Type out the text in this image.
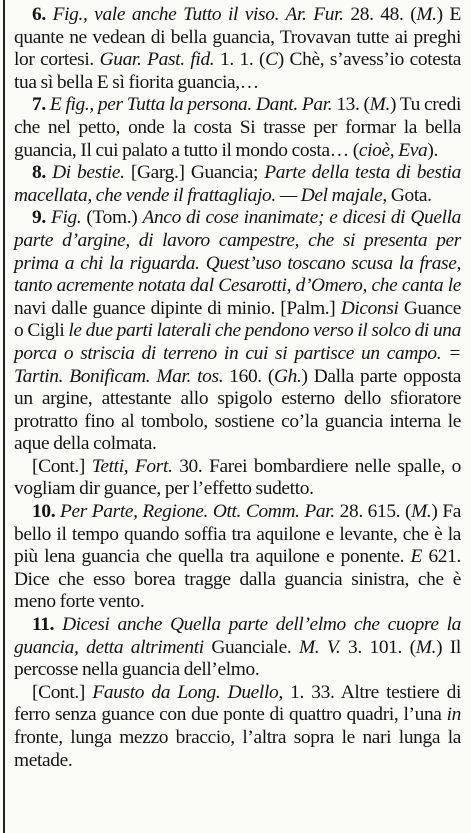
6. Fig., vale anche Tutto il viso. Ar. Fur. 28. 48. (M.) E quante ne vedean di bella guancia, Trovavan tutte ai preghi lor cortesi. Guar. Past. fid. 1. 1. (C) Chè, s’avess’io cotesta tua sì bella E sì fiorita guancia,…

7. E fig., per Tutta la persona. Dant. Par. 13. (M.) Tu credi che nel petto, onde la costa Si trasse per formar la bella guancia, Il cui palato a tutto il mondo costa… (cioè, Eva).

8. Di bestie. [Garg.] Guancia; Parte della testa di bestia macellata, che vende il frattagliajo. — Del majale, Gota.

9. Fig. (Tom.) Anco di cose inanimate; e dicesi di Quella parte d’argine, di lavoro campestre, che si presenta per prima a chi la riguarda. Quest’uso toscano scusa la frase, tanto acremente notata dal Cesarotti, d’Omero, che canta le navi dalle guance dipinte di minio. [Palm.] Diconsi Guance o Cigli le due parti laterali che pendono verso il solco di una porca o striscia di terreno in cui si partisce un campo. = Tartin. Bonificam. Mar. tos. 160. (Gh.) Dalla parte opposta un argine, attestante allo spigolo esterno dello sfioratore protratto fino al tombolo, sostiene co’la guancia interna le aque della colmata.

[Cont.] Tetti, Fort. 30. Farei bombardiere nelle spalle, o vogliam dir guance, per l’effetto sudetto.

10. Per Parte, Regione. Ott. Comm. Par. 28. 615. (M.) Fa bello il tempo quando soffia tra aquilone e levante, che è la più lena guancia che quella tra aquilone e ponente. E 621. Dice che esso borea tragge dalla guancia sinistra, che è meno forte vento.

11. Dicesi anche Quella parte dell’elmo che cuopre la guancia, detta altrimenti Guanciale. M. V. 3. 101. (M.) Il percosse nella guancia dell’elmo.

[Cont.] Fausto da Long. Duello, 1. 33. Altre testiere di ferro senza guance con due ponte di quattro quadri, l’una in fronte, lunga mezzo braccio, l’altra sopra le nari lunga la metade.
